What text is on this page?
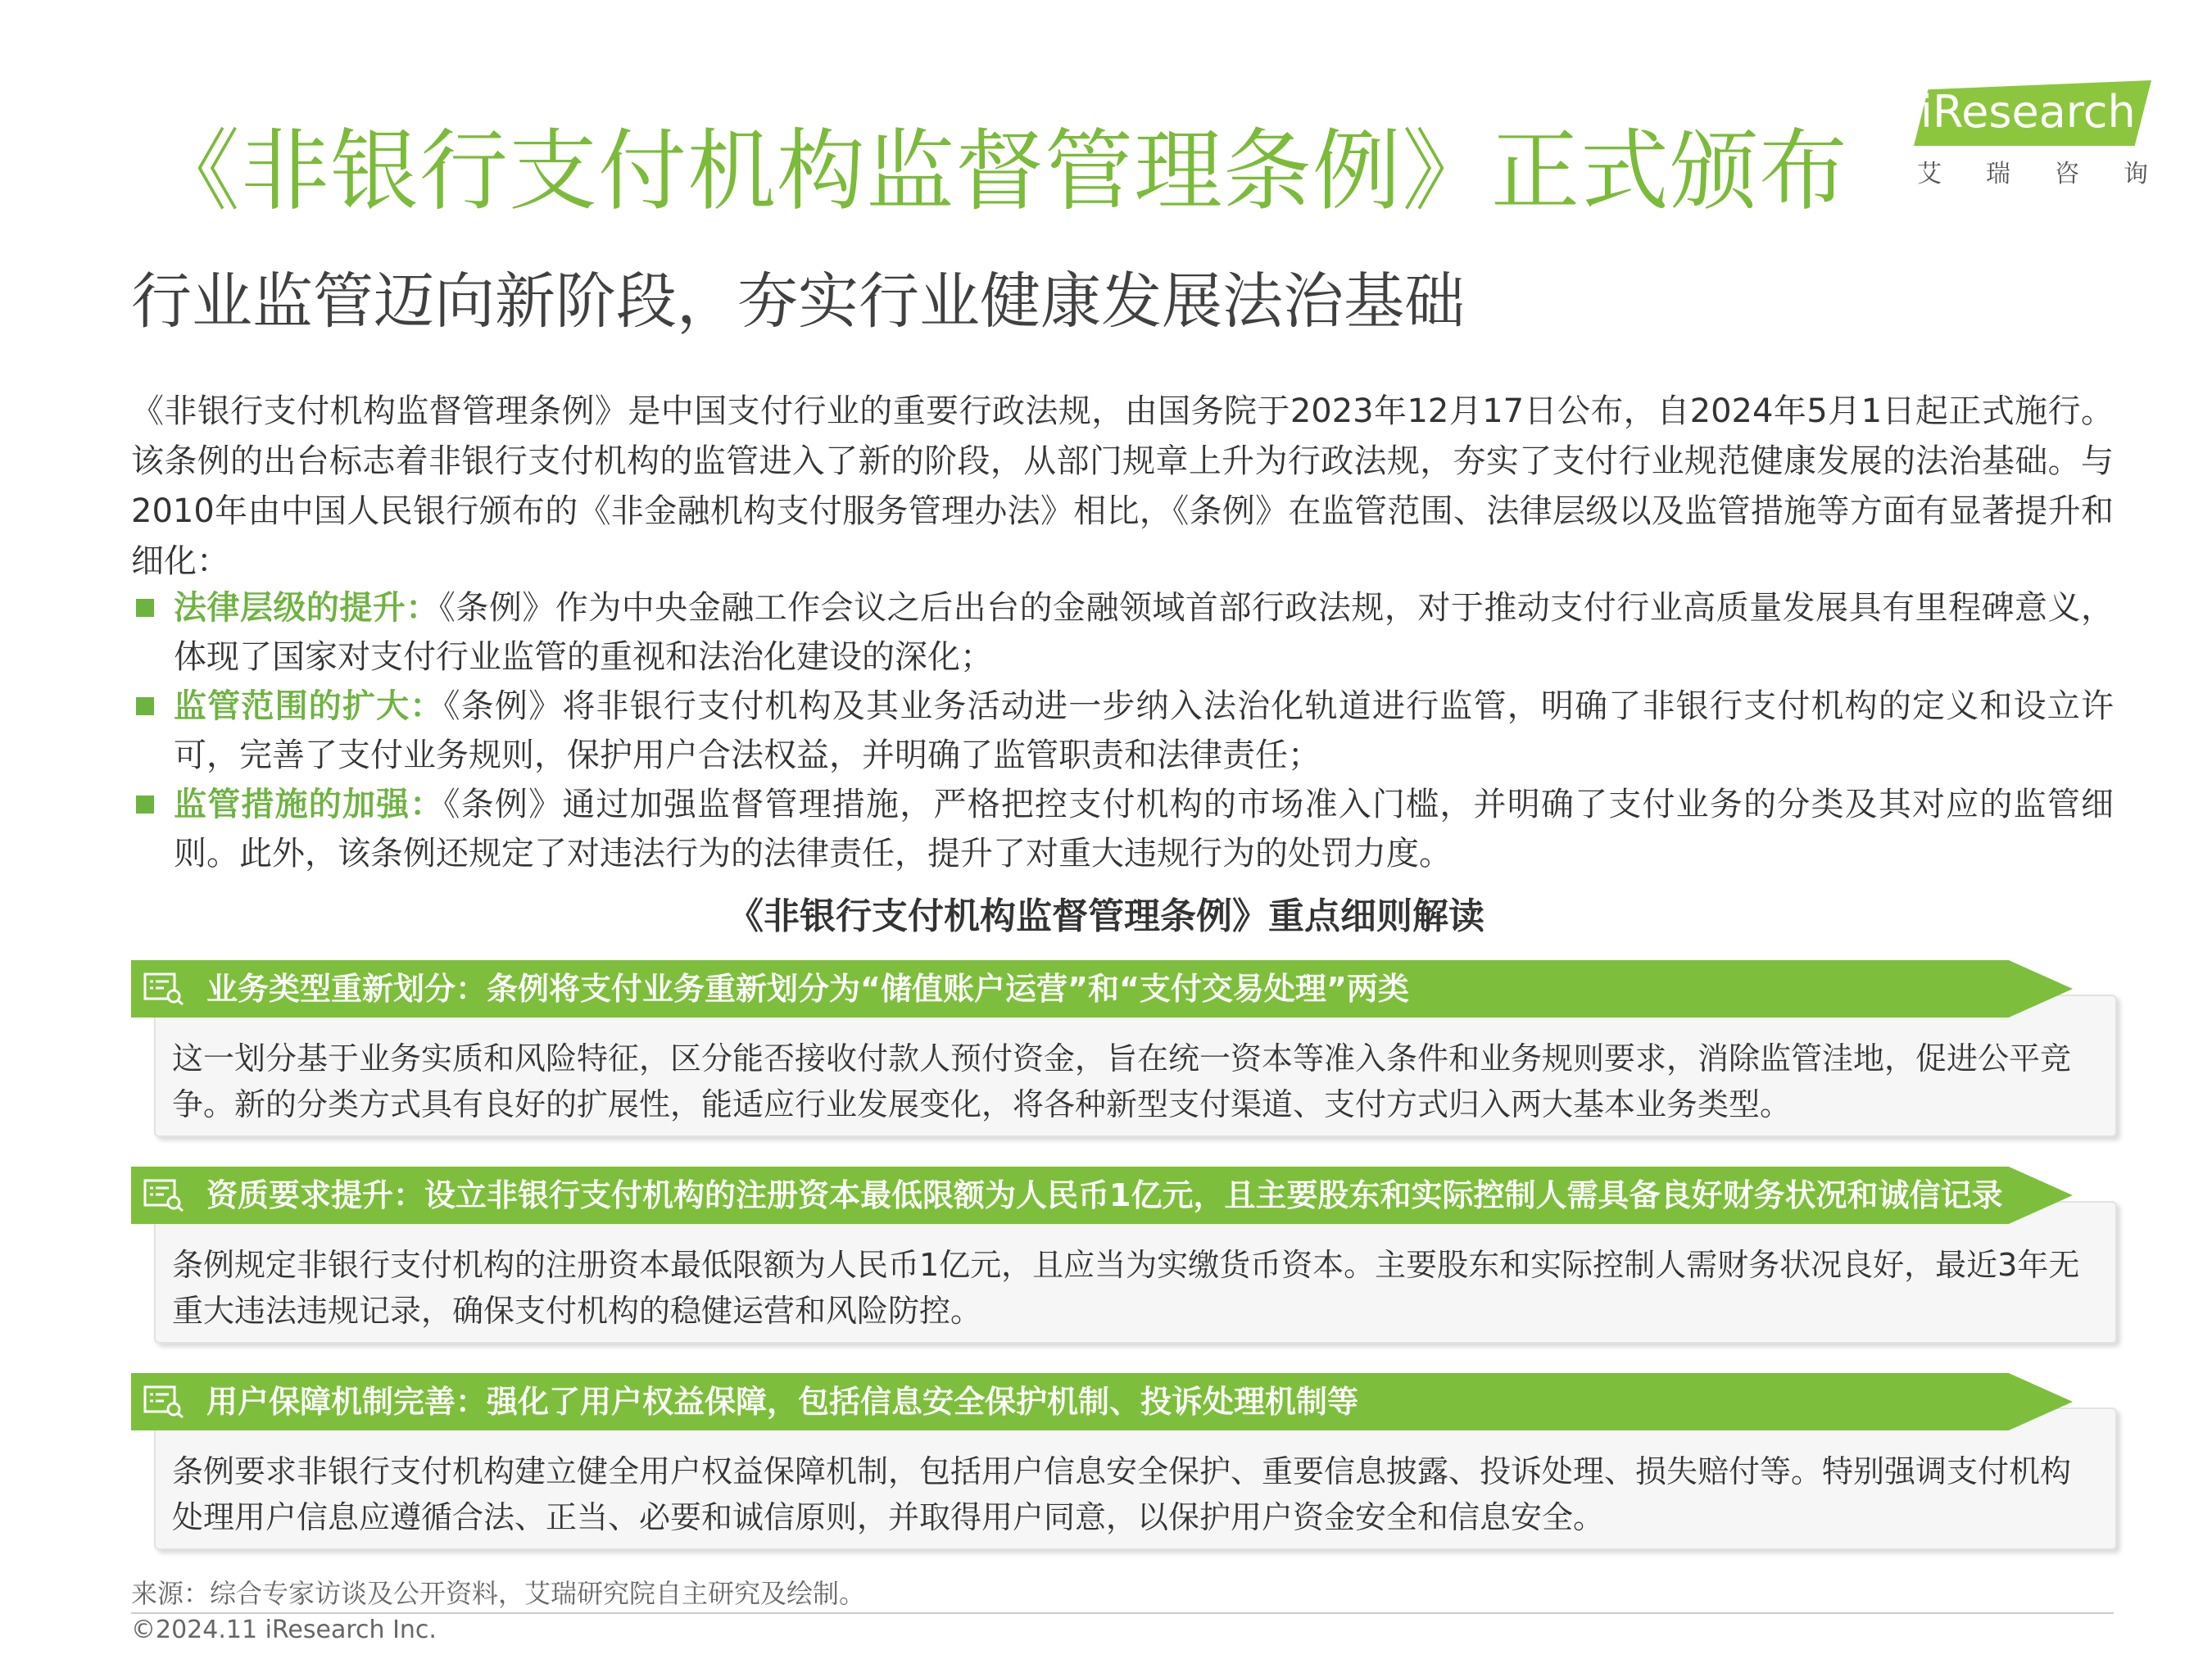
《非银行支付机构监督管理条例》正式颁布
行业监管迈向新阶段，夯实行业健康发展法治基础
iResearch
艾瑞咨询
《非银行支付机构监督管理条例》是中国支付行业的重要行政法规，由国务院于2023年12月17日公布，自2024年5月1日起正式施行。该条例的出台标志着非银行支付机构的监管进入了新的阶段，从部门规章上升为行政法规，夯实了支付行业规范健康发展的法治基础。与2010年由中国人民银行颁布的《非金融机构支付服务管理办法》相比，《条例》在监管范围、法律层级以及监管措施等方面有显著提升和细化：
法律层级的提升：《条例》作为中央金融工作会议之后出台的金融领域首部行政法规，对于推动支付行业高质量发展具有里程碑意义，体现了国家对支付行业监管的重视和法治化建设的深化；
监管范围的扩大：《条例》将非银行支付机构及其业务活动进一步纳入法治化轨道进行监管，明确了非银行支付机构的定义和设立许可，完善了支付业务规则，保护用户合法权益，并明确了监管职责和法律责任；
监管措施的加强：《条例》通过加强监督管理措施，严格把控支付机构的市场准入门槛，并明确了支付业务的分类及其对应的监管细则。此外，该条例还规定了对违法行为的法律责任，提升了对重大违规行为的处罚力度。
《非银行支付机构监督管理条例》重点细则解读
业务类型重新划分：条例将支付业务重新划分为“储值账户运营”和“支付交易处理”两类
这一划分基于业务实质和风险特征，区分能否接收付款人预付资金，旨在统一资本等准入条件和业务规则要求，消除监管洼地，促进公平竞争。新的分类方式具有良好的扩展性，能适应行业发展变化，将各种新型支付渠道、支付方式归入两大基本业务类型。
资质要求提升：设立非银行支付机构的注册资本最低限额为人民币1亿元，且主要股东和实际控制人需具备良好财务状况和诚信记录
条例规定非银行支付机构的注册资本最低限额为人民币1亿元，且应当为实缴货币资本。主要股东和实际控制人需财务状况良好，最近3年无重大违法违规记录，确保支付机构的稳健运营和风险防控。
用户保障机制完善：强化了用户权益保障，包括信息安全保护机制、投诉处理机制等
条例要求非银行支付机构建立健全用户权益保障机制，包括用户信息安全保护、重要信息披露、投诉处理、损失赔付等。特别强调支付机构处理用户信息应遵循合法、正当、必要和诚信原则，并取得用户同意，以保护用户资金安全和信息安全。
来源：综合专家访谈及公开资料，艾瑞研究院自主研究及绘制。
©2024.11 iResearch Inc.
